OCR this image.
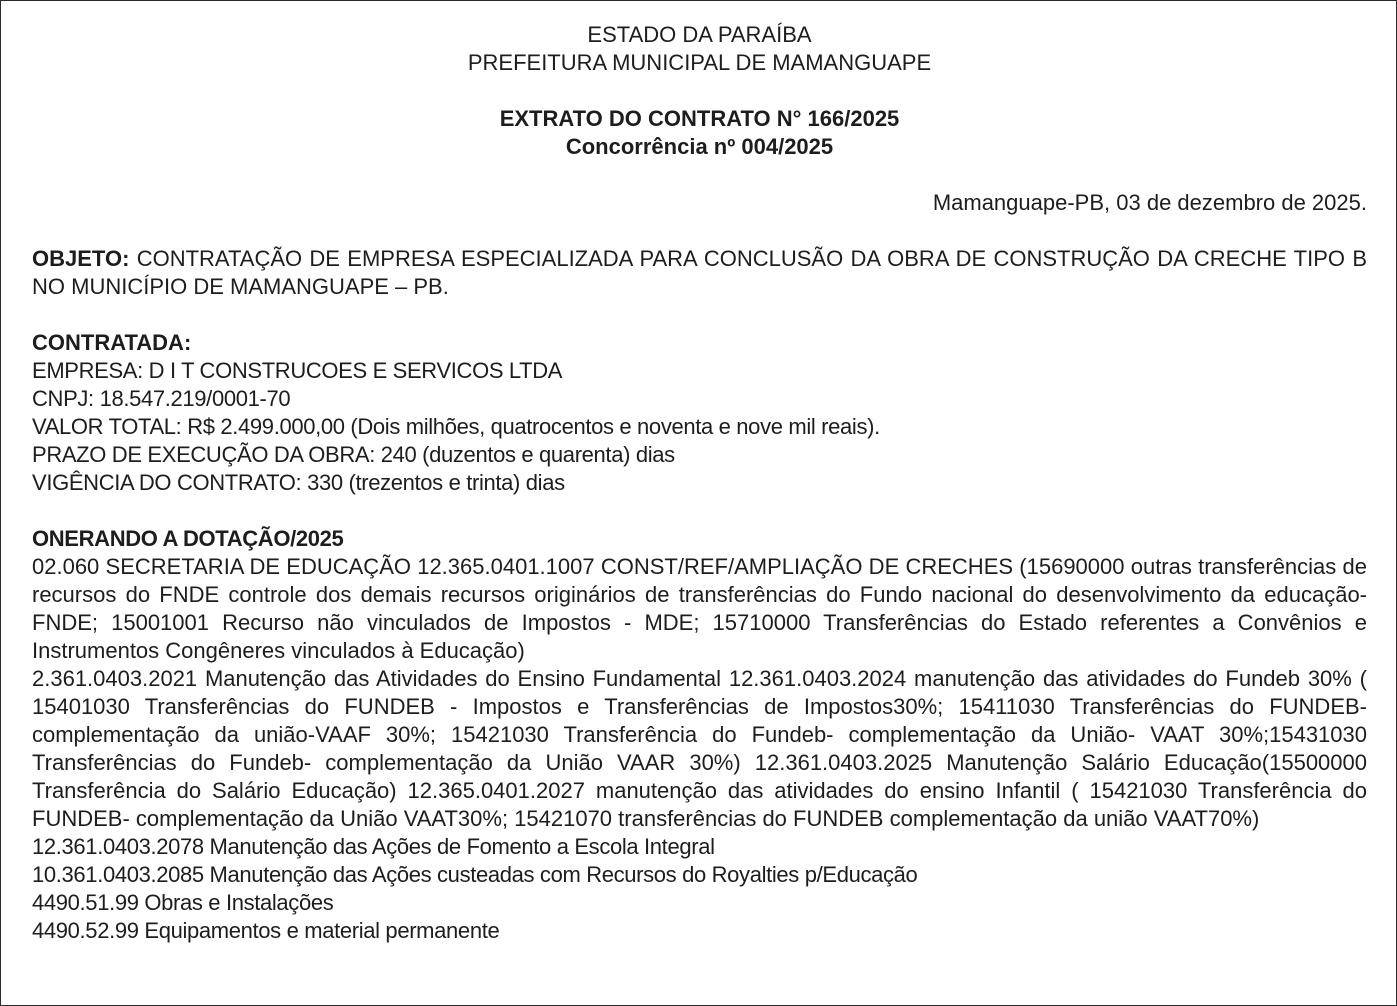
ESTADO DA PARAÍBA

PREFEITURA MUNICIPAL DE MAMANGUAPE

EXTRATO DO CONTRATO N° 166/2025

Concorrência nº 004/2025

Mamanguape-PB, 03 de dezembro de 2025.

OBJETO: CONTRATAÇÃO DE EMPRESA ESPECIALIZADA PARA CONCLUSÃO DA OBRA DE CONSTRUÇÃO DA CRECHE TIPO B NO MUNICÍPIO DE MAMANGUAPE – PB.

CONTRATADA:

EMPRESA: D I T CONSTRUCOES E SERVICOS LTDA

CNPJ: 18.547.219/0001-70

VALOR TOTAL: R$ 2.499.000,00 (Dois milhões, quatrocentos e noventa e nove mil reais).

PRAZO DE EXECUÇÃO DA OBRA: 240 (duzentos e quarenta) dias

VIGÊNCIA DO CONTRATO: 330 (trezentos e trinta) dias

ONERANDO A DOTAÇÃO/2025

02.060 SECRETARIA DE EDUCAÇÃO 12.365.0401.1007 CONST/REF/AMPLIAÇÃO DE CRECHES (15690000 outras transferências de recursos do FNDE controle dos demais recursos originários de transferências do Fundo nacional do desenvolvimento da educação- FNDE; 15001001 Recurso não vinculados de Impostos - MDE; 15710000 Transferências do Estado referentes a Convênios e Instrumentos Congêneres vinculados à Educação)

2.361.0403.2021 Manutenção das Atividades do Ensino Fundamental 12.361.0403.2024 manutenção das atividades do Fundeb 30% ( 15401030 Transferências do FUNDEB - Impostos e Transferências de Impostos30%; 15411030 Transferências do FUNDEB- complementação da união-VAAF 30%; 15421030 Transferência do Fundeb- complementação da União- VAAT 30%;15431030 Transferências do Fundeb- complementação da União VAAR 30%) 12.361.0403.2025 Manutenção Salário Educação(15500000 Transferência do Salário Educação) 12.365.0401.2027 manutenção das atividades do ensino Infantil ( 15421030 Transferência do FUNDEB- complementação da União VAAT30%; 15421070 transferências do FUNDEB complementação da união VAAT70%)

12.361.0403.2078 Manutenção das Ações de Fomento a Escola Integral

10.361.0403.2085 Manutenção das Ações custeadas com Recursos do Royalties p/Educação

4490.51.99 Obras e Instalações

4490.52.99 Equipamentos e material permanente
